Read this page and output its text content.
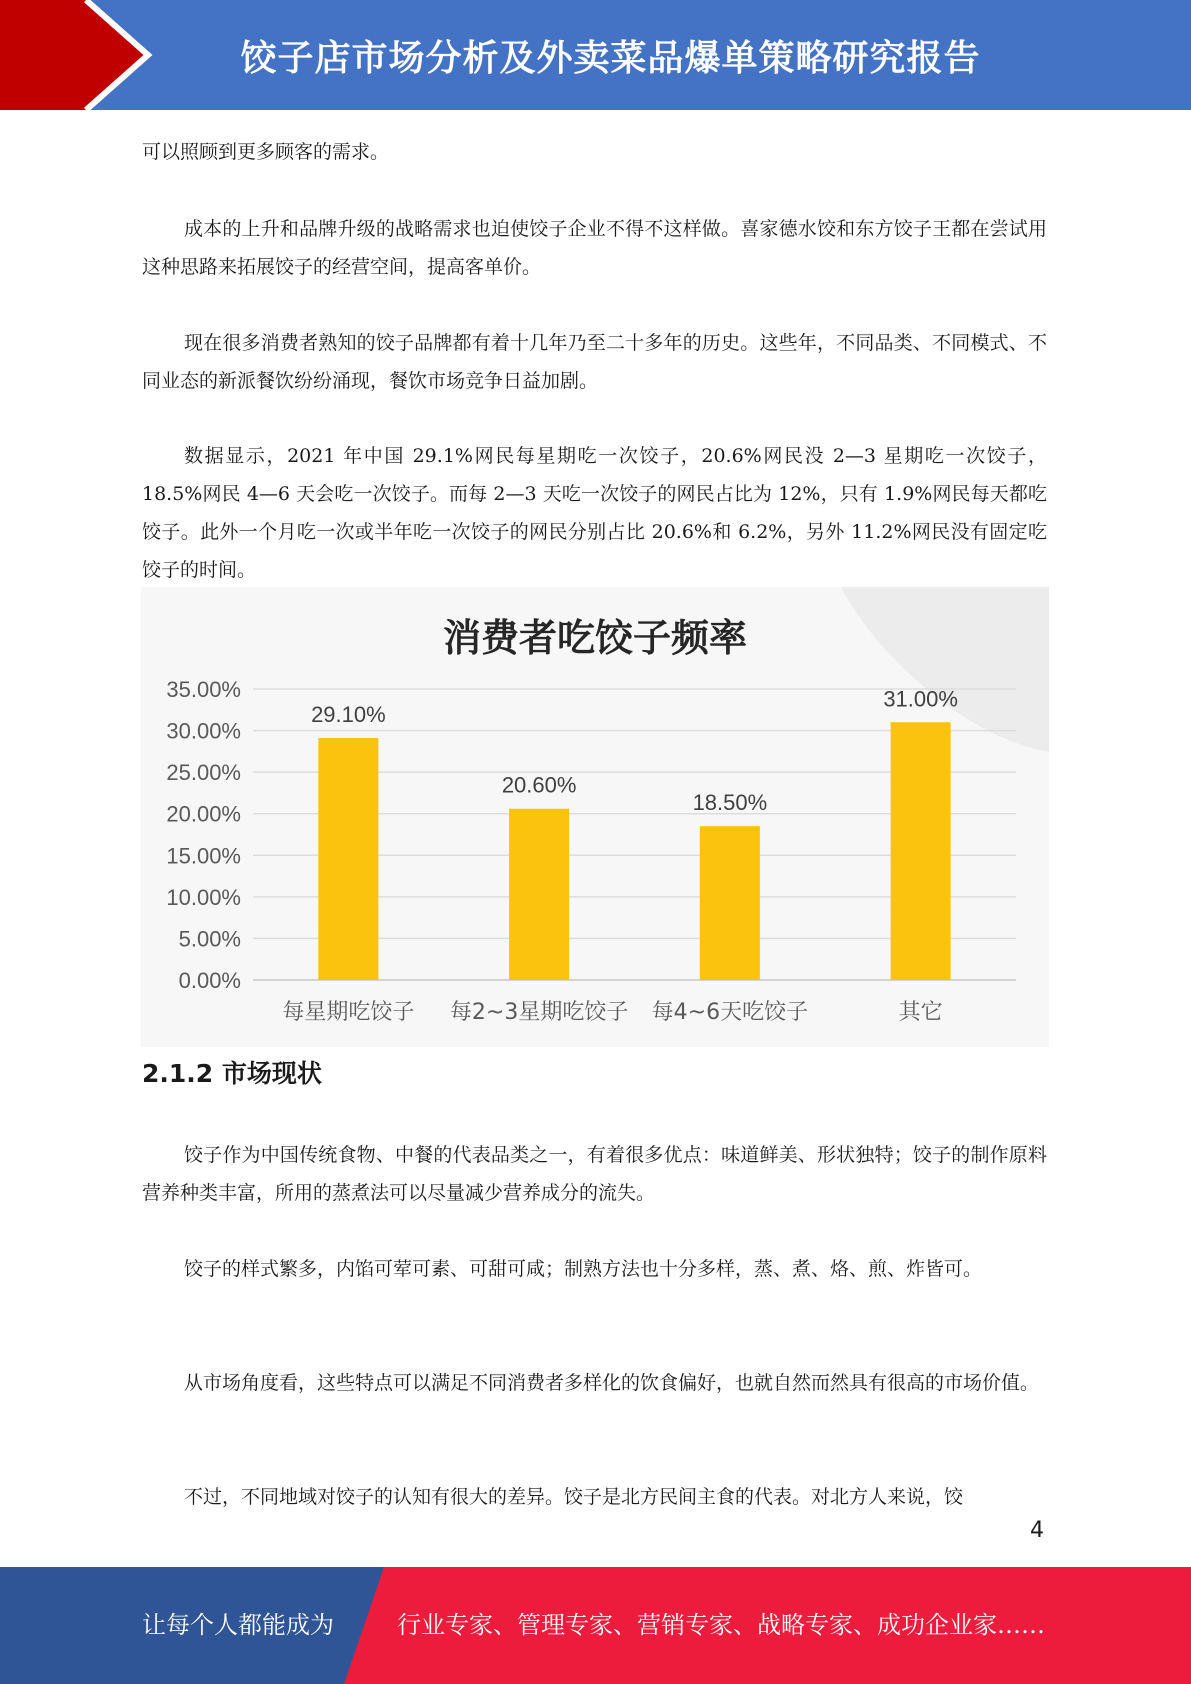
饺子店市场分析及外卖菜品爆单策略研究报告

可以照顾到更多顾客的需求。

成本的上升和品牌升级的战略需求也迫使饺子企业不得不这样做。喜家德水饺和东方饺子王都在尝试用这种思路来拓展饺子的经营空间，提高客单价。

现在很多消费者熟知的饺子品牌都有着十几年乃至二十多年的历史。这些年，不同品类、不同模式、不同业态的新派餐饮纷纷涌现，餐饮市场竞争日益加剧。

数据显示，2021 年中国 29.1%网民每星期吃一次饺子，20.6%网民没 2—3 星期吃一次饺子，18.5%网民 4—6 天会吃一次饺子。而每 2—3 天吃一次饺子的网民占比为 12%，只有 1.9%网民每天都吃饺子。此外一个月吃一次或半年吃一次饺子的网民分别占比 20.6%和 6.2%，另外 11.2%网民没有固定吃饺子的时间。

0.00%
5.00%
10.00%
15.00%
20.00%
25.00%
30.00%
35.00%
29.10%
20.60%
18.50%
31.00%
每星期吃饺子 每2~3星期吃饺子 每4~6天吃饺子	其它
消费者吃饺子频率
2.1.2 市场现状

饺子作为中国传统食物、中餐的代表品类之一，有着很多优点：味道鲜美、形状独特；饺子的制作原料营养种类丰富，所用的蒸煮法可以尽量减少营养成分的流失。

饺子的样式繁多，内馅可荤可素、可甜可咸；制熟方法也十分多样，蒸、煮、烙、煎、炸皆可。

从市场角度看，这些特点可以满足不同消费者多样化的饮食偏好，也就自然而然具有很高的市场价值。

不过，不同地域对饺子的认知有很大的差异。饺子是北方民间主食的代表。对北方人来说，饺

4
让每个人都能成为	行业专家、管理专家、营销专家、战略专家、成功企业家……
